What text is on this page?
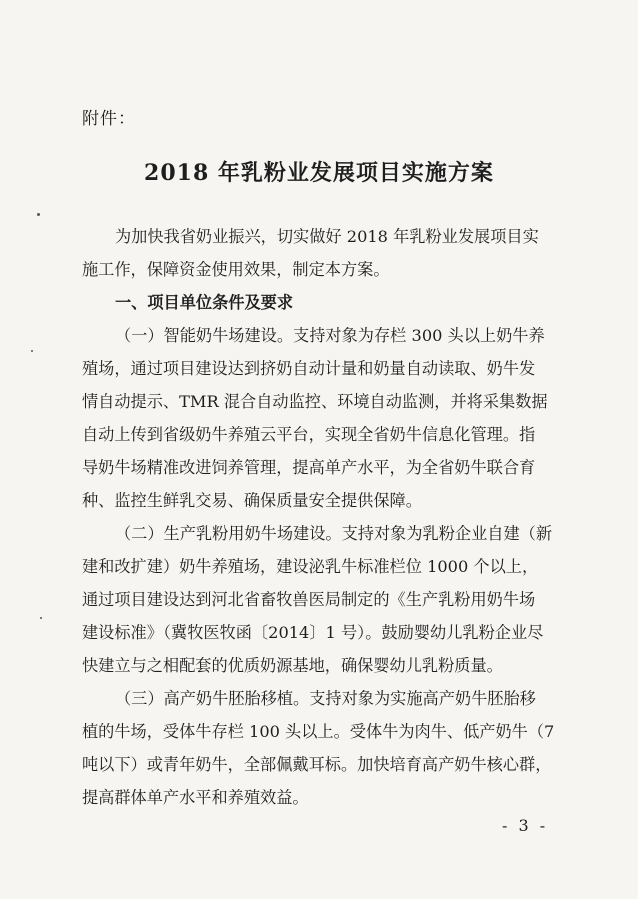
附件：
2018 年乳粉业发展项目实施方案
为加快我省奶业振兴，切实做好 2018 年乳粉业发展项目实
施工作，保障资金使用效果，制定本方案。
一、项目单位条件及要求
（一）智能奶牛场建设。支持对象为存栏 300 头以上奶牛养
殖场，通过项目建设达到挤奶自动计量和奶量自动读取、奶牛发
情自动提示、TMR 混合自动监控、环境自动监测，并将采集数据
自动上传到省级奶牛养殖云平台，实现全省奶牛信息化管理。指
导奶牛场精准改进饲养管理，提高单产水平，为全省奶牛联合育
种、监控生鲜乳交易、确保质量安全提供保障。
（二）生产乳粉用奶牛场建设。支持对象为乳粉企业自建（新
建和改扩建）奶牛养殖场，建设泌乳牛标准栏位 1000 个以上，
通过项目建设达到河北省畜牧兽医局制定的《生产乳粉用奶牛场
建设标准》（冀牧医牧函〔2014〕1 号）。鼓励婴幼儿乳粉企业尽
快建立与之相配套的优质奶源基地，确保婴幼儿乳粉质量。
（三）高产奶牛胚胎移植。支持对象为实施高产奶牛胚胎移
植的牛场，受体牛存栏 100 头以上。受体牛为肉牛、低产奶牛（7
吨以下）或青年奶牛，全部佩戴耳标。加快培育高产奶牛核心群，
提高群体单产水平和养殖效益。
- 3 -
